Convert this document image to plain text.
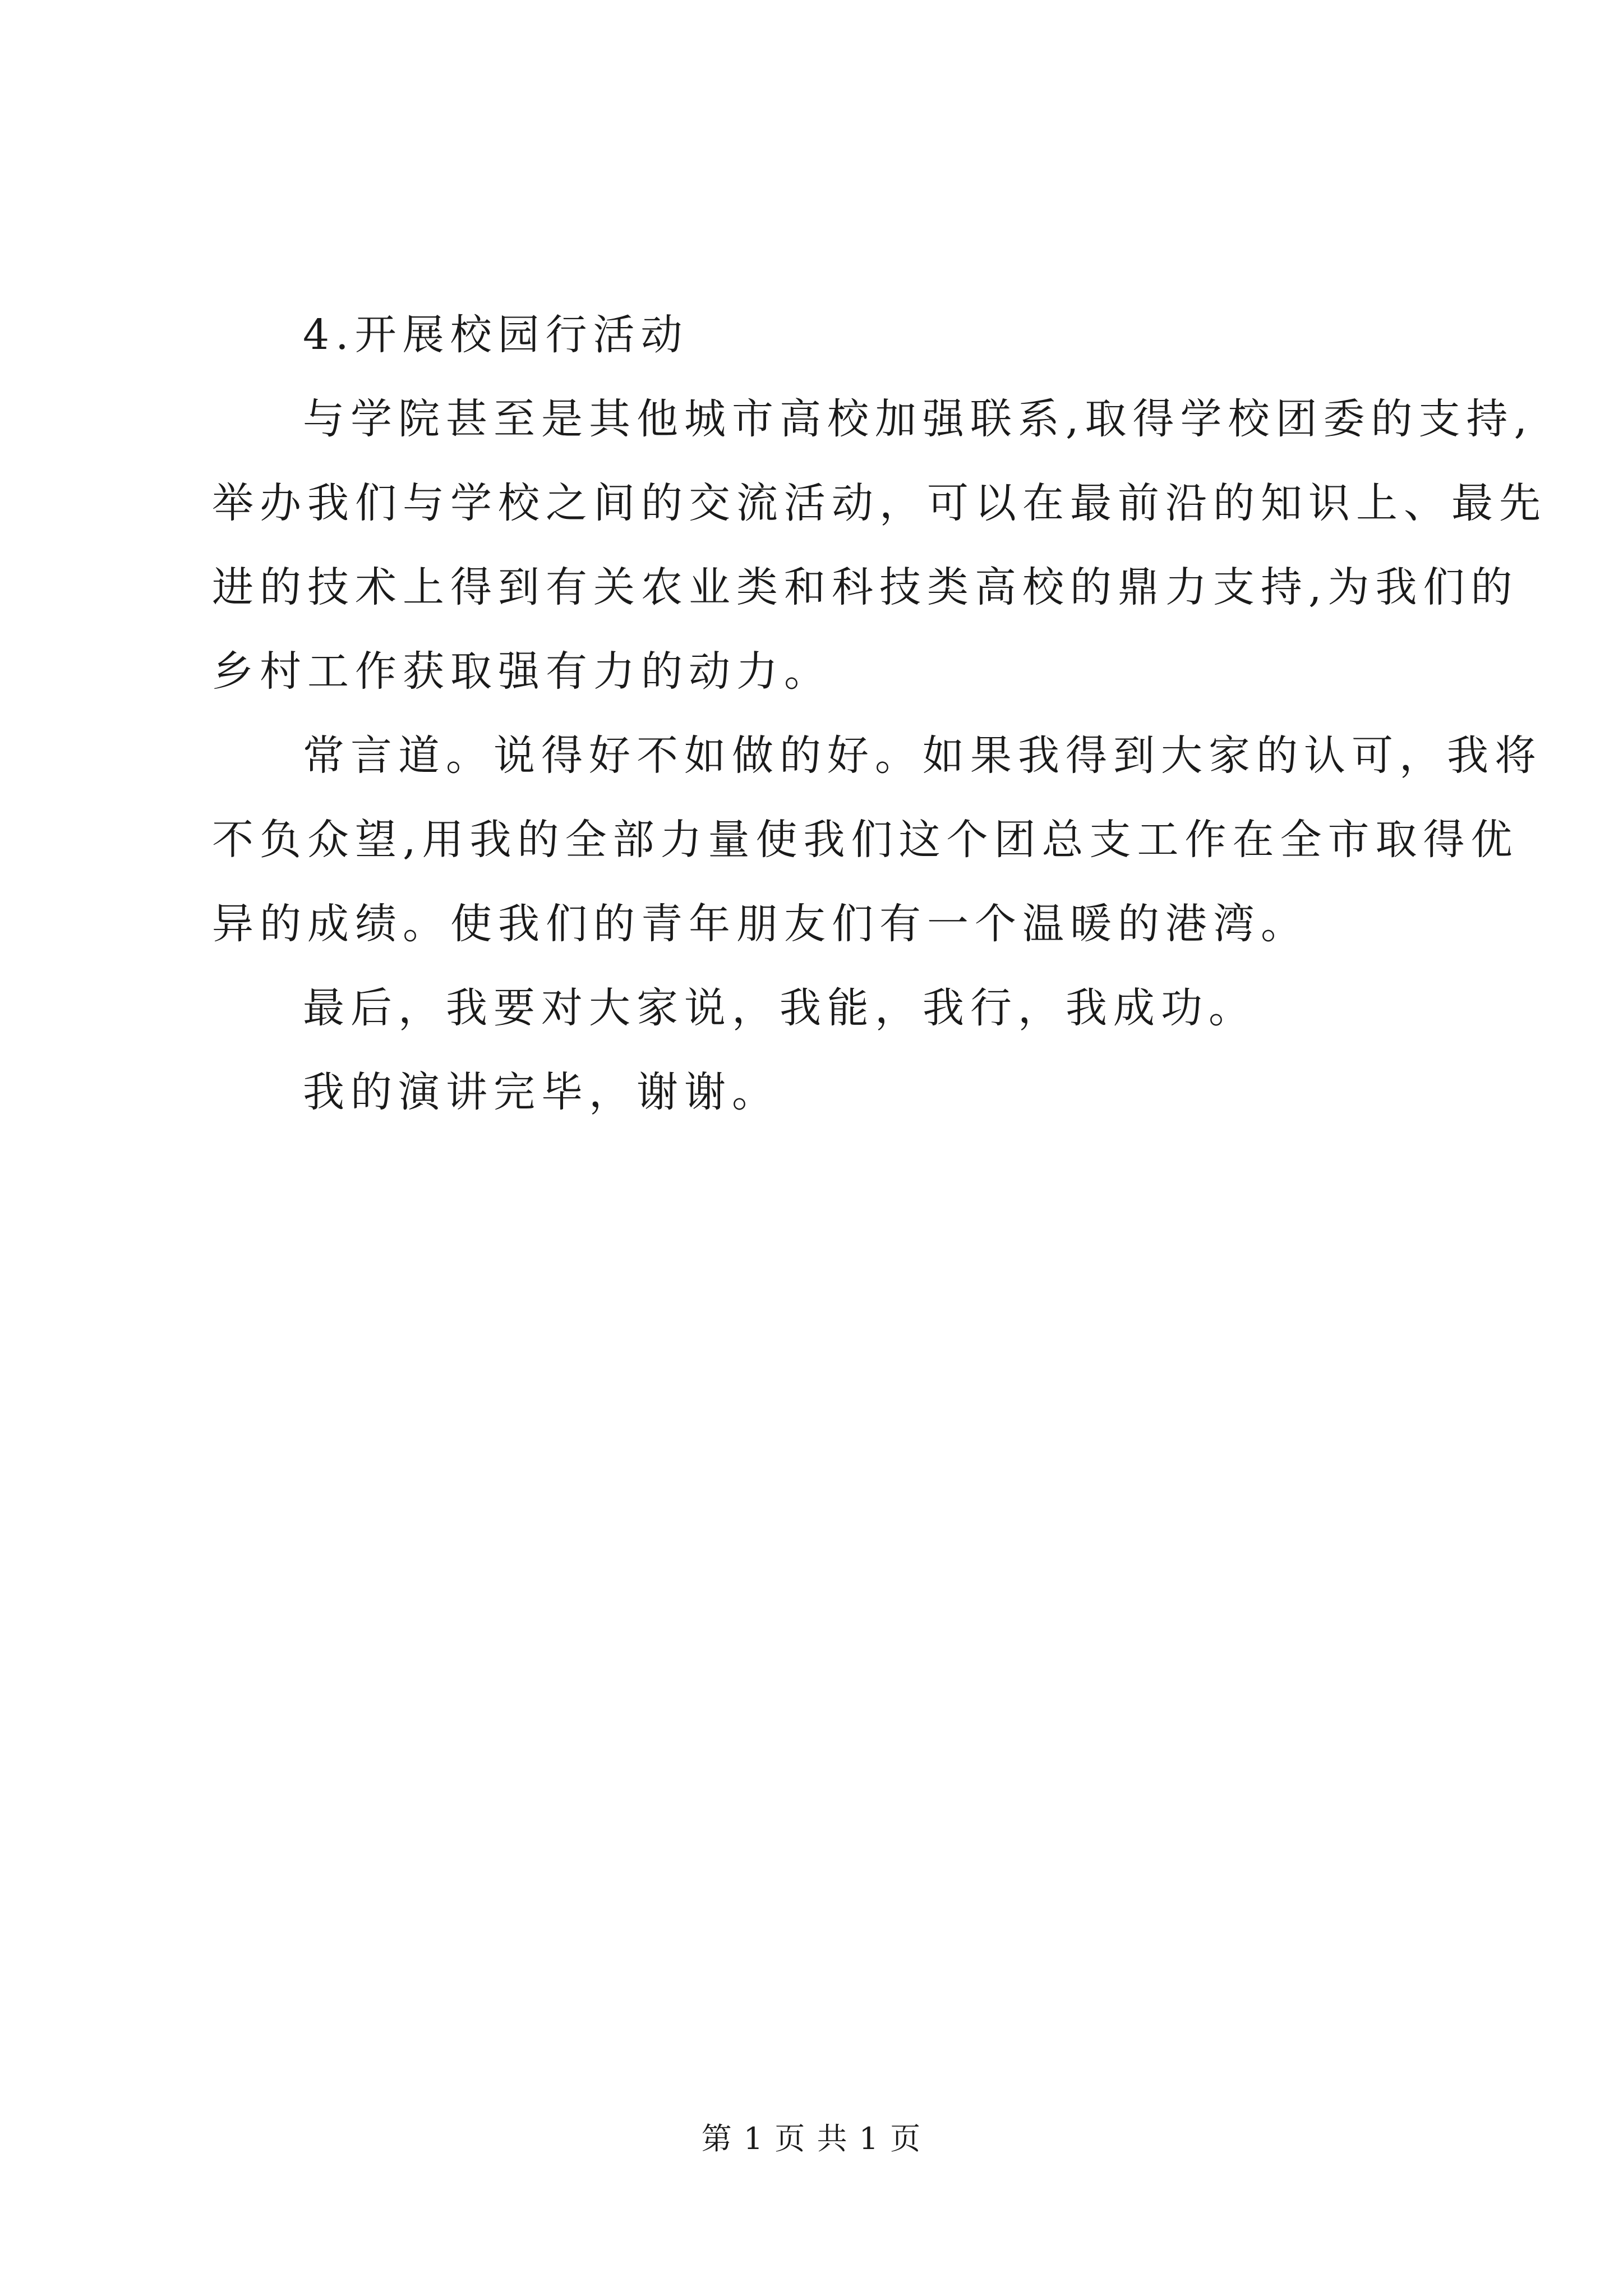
4.开展校园行活动
与学院甚至是其他城市高校加强联系,取得学校团委的支持,
举办我们与学校之间的交流活动，可以在最前沿的知识上、最先
进的技术上得到有关农业类和科技类高校的鼎力支持,为我们的
乡村工作获取强有力的动力。
常言道。说得好不如做的好。如果我得到大家的认可，我将
不负众望,用我的全部力量使我们这个团总支工作在全市取得优
异的成绩。使我们的青年朋友们有一个温暖的港湾。
最后，我要对大家说，我能，我行，我成功。
我的演讲完毕，谢谢。
第 1 页 共 1 页
